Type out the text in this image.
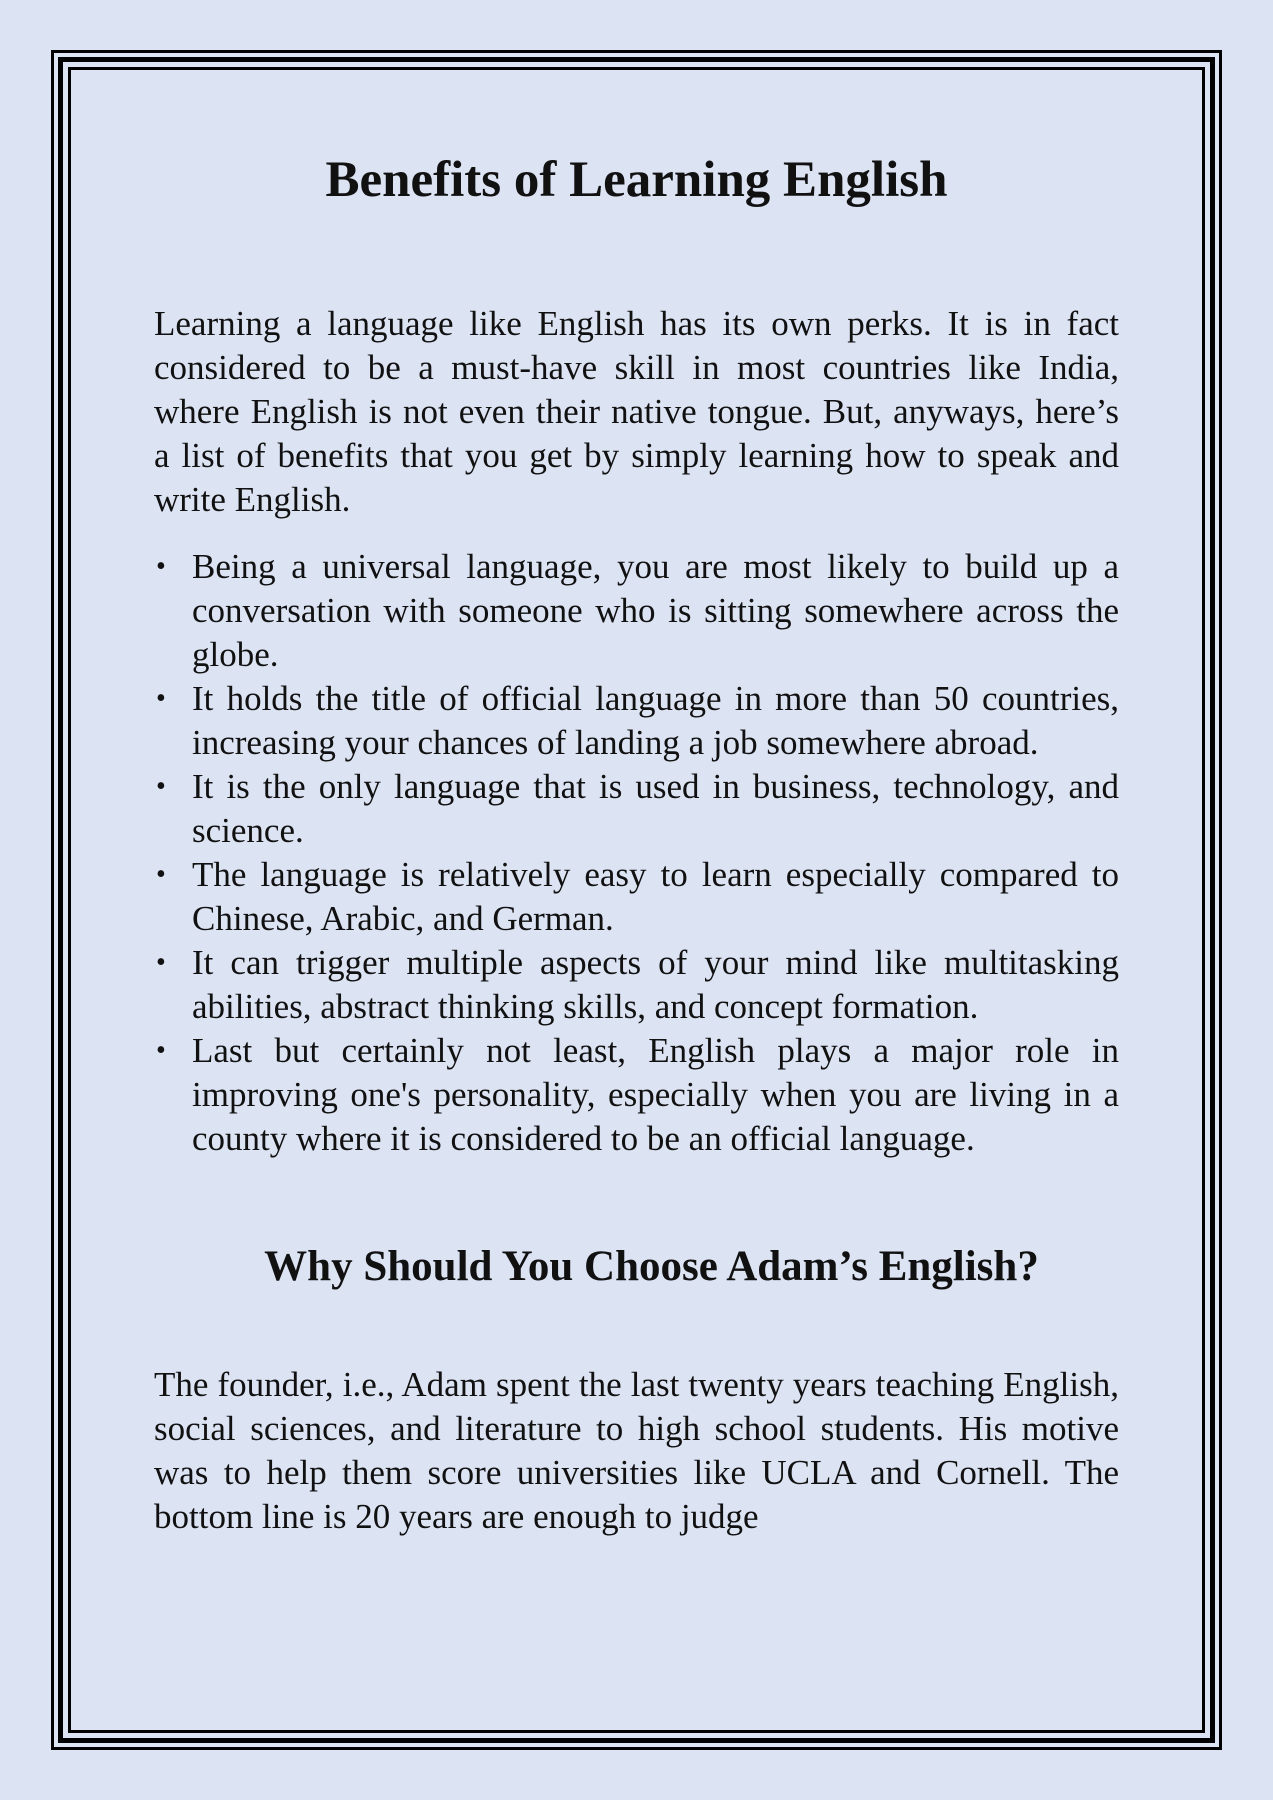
Benefits of Learning English

Learning a language like English has its own perks. It is in fact considered to be a must-have skill in most countries like India, where English is not even their native tongue. But, anyways, here’s a list of benefits that you get by simply learning how to speak and write English.

• Being a universal language, you are most likely to build up a conversation with someone who is sitting somewhere across the globe.
• It holds the title of official language in more than 50 countries, increasing your chances of landing a job somewhere abroad.
• It is the only language that is used in business, technology, and science.
• The language is relatively easy to learn especially compared to Chinese, Arabic, and German.
• It can trigger multiple aspects of your mind like multitasking abilities, abstract thinking skills, and concept formation.
• Last but certainly not least, English plays a major role in improving one's personality, especially when you are living in a county where it is considered to be an official language.
Why Should You Choose Adam’s English?

The founder, i.e., Adam spent the last twenty years teaching English, social sciences, and literature to high school students. His motive was to help them score universities like UCLA and Cornell. The bottom line is 20 years are enough to judge
